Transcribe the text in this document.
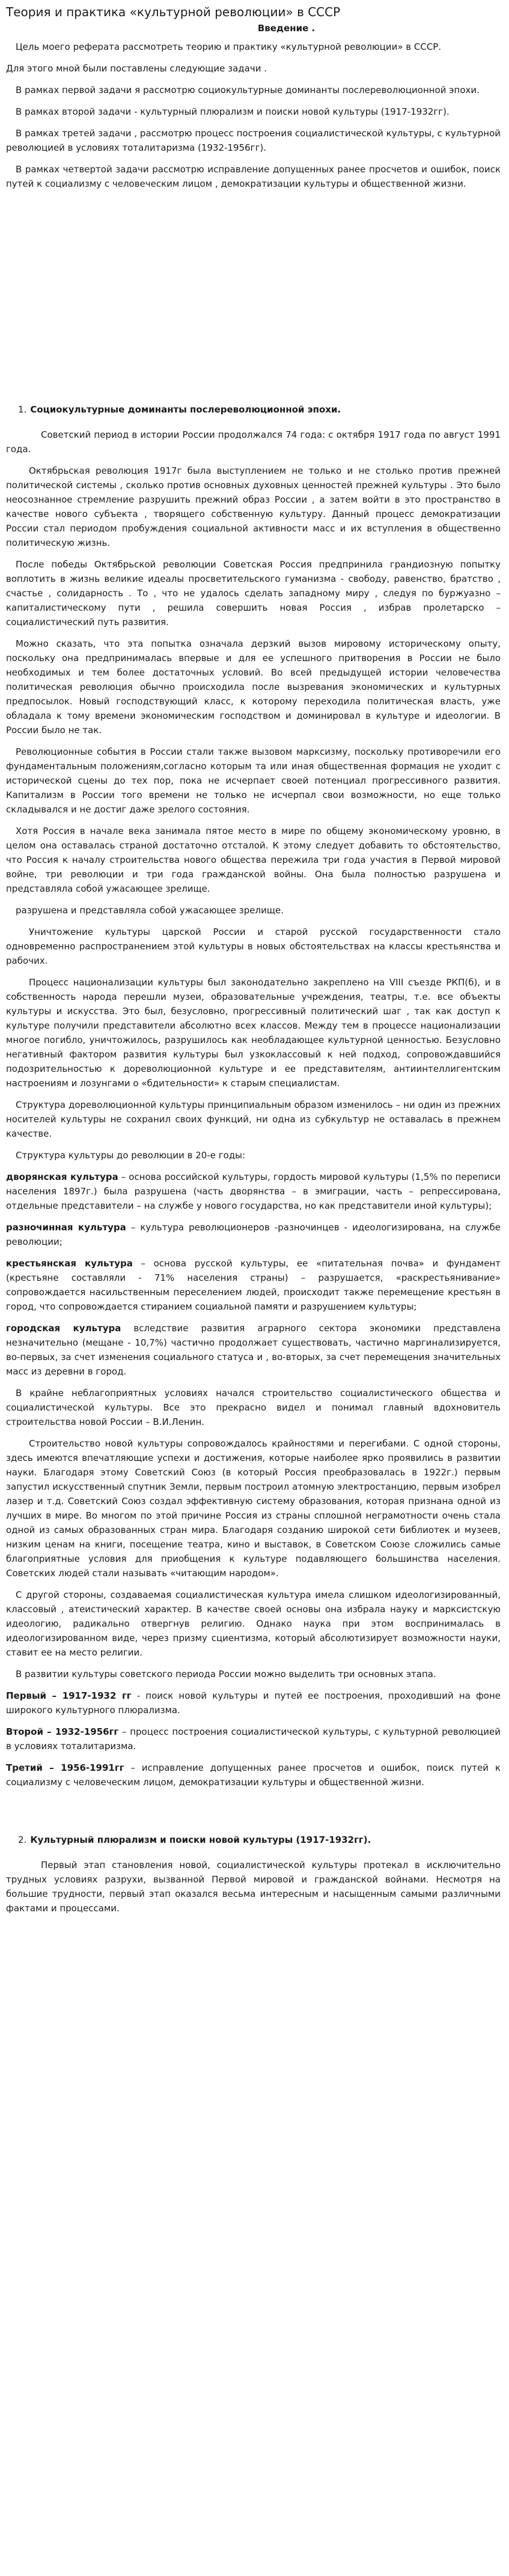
Теория и практика «культурной революции» в СССР
Введение .

Цель моего реферата рассмотреть теорию и практику «культурной революции» в СССР.

Для этого мной были поставлены следующие задачи .

В рамках первой задачи я рассмотрю социокультурные доминанты послереволюционной эпохи.

В рамках второй задачи - культурный плюрализм и поиски новой культуры (1917-1932гг).

В рамках третей задачи , рассмотрю процесс построения социалистической культуры, с культурной революцией в условиях тоталитаризма (1932-1956гг).

В рамках четвертой задачи рассмотрю исправление допущенных ранее просчетов и ошибок, поиск путей к социализму с человеческим лицом , демократизации культуры и общественной жизни.

1. Социокультурные доминанты послереволюционной эпохи.

Советский период в истории России продолжался 74 года: с октября 1917 года по август 1991 года.

Октябрьская революция 1917г была выступлением не только и не столько против прежней политической системы , сколько против основных духовных ценностей прежней культуры . Это было неосознанное стремление разрушить прежний образ России , а затем войти в это пространство в качестве нового субъекта , творящего собственную культуру. Данный процесс демократизации России стал периодом пробуждения социальной активности масс и их вступления в общественно политическую жизнь.

После победы Октябрьской революции Советская Россия предпринила грандиозную попытку воплотить в жизнь великие идеалы просветительского гуманизма - свободу, равенство, братство , счастье , солидарность . То , что не удалось сделать западному миру , следуя по буржуазно – капиталистическому пути , решила совершить новая Россия , избрав пролетарско – социалистический путь развития.

Можно сказать, что эта попытка означала дерзкий вызов мировому историческому опыту, поскольку она предпринималась впервые и для ее успешного притворения в России не было необходимых и тем более достаточных условий. Во всей предыдущей истории человечества политическая революция обычно происходила после вызревания экономических и культурных предпосылок. Новый господствующий класс, к которому переходила политическая власть, уже обладала к тому времени экономическим господством и доминировал в культуре и идеологии. В России было не так.

Революционные события в России стали также вызовом марксизму, поскольку противоречили его фундаментальным положениям,согласно которым та или иная общественная формация не уходит с исторической сцены до тех пор, пока не исчерпает своей потенциал прогрессивного развития. Капитализм в России того времени не только не исчерпал свои возможности, но еще только складывался и не достиг даже зрелого состояния.

Хотя Россия в начале века занимала пятое место в мире по общему экономическому уровню, в целом она оставалась страной достаточно отсталой. К этому следует добавить то обстоятельство, что Россия к началу строительства нового общества пережила три года участия в Первой мировой войне, три революции и три года гражданской войны. Она была полностью разрушена и представляла собой ужасающее зрелище.

разрушена и представляла собой ужасающее зрелище.

Уничтожение культуры царской России и старой русской государственности стало одновременно распространением этой культуры в новых обстоятельствах на классы крестьянства и рабочих.

Процесс национализации культуры был законодательно закреплено на VIII съезде РКП(б), и в собственность народа перешли музеи, образовательные учреждения, театры, т.е. все объекты культуры и искусства. Это был, безусловно, прогрессивный политический шаг , так как доступ к культуре получили представители абсолютно всех классов. Между тем в процессе национализации многое погибло, уничтожилось, разрушилось как необладающее культурной ценностью. Безусловно негативный фактором развития культуры был узкоклассовый к ней подход, сопровождавшийся подозрительностью к дореволюционной культуре и ее представителям, антиинтеллигентским настроениям и лозунгами о «бдительности» к старым специалистам.

Структура дореволюционной культуры принципиальным образом изменилось – ни один из прежних носителей культуры не сохранил своих функций, ни одна из субкультур не оставалась в прежнем качестве.

Структура культуры до революции в 20-е годы:

дворянская культура – основа российской культуры, гордость мировой культуры (1,5% по переписи населения 1897г.) была разрушена (часть дворянства – в эмиграции, часть – репрессирована, отдельные представители – на службе у нового государства, но как представители иной культуры);

разночинная культура – культура революционеров -разночинцев - идеологизирована, на службе революции;

крестьянская культура – основа русской культуры, ее «питательная почва» и фундамент (крестьяне составляли - 71% населения страны) – разрушается, «раскрестьянивание» сопровождается насильственным переселением людей, происходит также перемещение крестьян в город, что сопровождается стиранием социальной памяти и разрушением культуры;

городская культура вследствие развития аграрного сектора экономики представлена незначительно (мещане - 10,7%) частично продолжает существовать, частично маргинализируется, во-первых, за счет изменения социального статуса и , во-вторых, за счет перемещения значительных масс из деревни в город.

В крайне неблагоприятных условиях начался строительство социалистического общества и социалистической культуры. Все это прекрасно видел и понимал главный вдохновитель строительства новой России – В.И.Ленин.

Строительство новой культуры сопровождалось крайностями и перегибами. С одной стороны, здесь имеются впечатляющие успехи и достижения, которые наиболее ярко проявились в развитии науки. Благодаря этому Советский Союз (в который Россия преобразовалась в 1922г.) первым запустил искусственный спутник Земли, первым построил атомную электростанцию, первым изобрел лазер и т.д. Советский Союз создал эффективную систему образования, которая признана одной из лучших в мире. Во многом по этой причине Россия из страны сплошной неграмотности очень стала одной из самых образованных стран мира. Благодаря созданию широкой сети библиотек и музеев, низким ценам на книги, посещение театра, кино и выставок, в Советском Союзе сложились самые благоприятные условия для приобщения к культуре подавляющего большинства населения. Советских людей стали называть «читающим народом».

С другой стороны, создаваемая социалистическая культура имела слишком идеологизированный, классовый , атеистический характер. В качестве своей основы она избрала науку и марксистскую идеологию, радикально отвергнув религию. Однако наука при этом воспринималась в идеологизированном виде, через призму сциентизма, который абсолютизирует возможности науки, ставит ее на место религии.

В развитии культуры советского периода России можно выделить три основных этапа.

Первый – 1917-1932 гг - поиск новой культуры и путей ее построения, проходивший на фоне широкого культурного плюрализма.

Второй – 1932-1956гг – процесс построения социалистической культуры, с культурной революцией в условиях тоталитаризма.

Третий – 1956-1991гг – исправление допущенных ранее просчетов и ошибок, поиск путей к социализму с человеческим лицом, демократизации культуры и общественной жизни.

2. Культурный плюрализм и поиски новой культуры (1917-1932гг).

Первый этап становления новой, социалистической культуры протекал в исключительно трудных условиях разрухи, вызванной Первой мировой и гражданской войнами. Несмотря на большие трудности, первый этап оказался весьма интересным и насыщенным самыми различными фактами и процессами.
